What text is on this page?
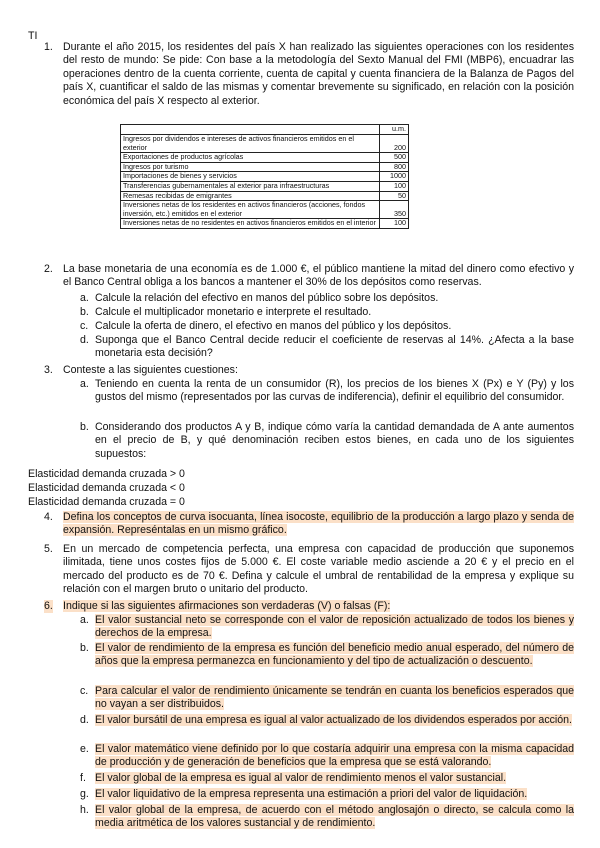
TI
1. Durante el año 2015, los residentes del país X han realizado las siguientes operaciones con los residentes del resto de mundo: Se pide: Con base a la metodología del Sexto Manual del FMI (MBP6), encuadrar las operaciones dentro de la cuenta corriente, cuenta de capital y cuenta financiera de la Balanza de Pagos del país X, cuantificar el saldo de las mismas y comentar brevemente su significado, en relación con la posición económica del país X respecto al exterior.
	u.m.
Ingresos por dividendos e intereses de activos financieros emitidos en el exterior	200
Exportaciones de productos agrícolas	500
Ingresos por turismo	800
Importaciones de bienes y servicios	1000
Transferencias gubernamentales al exterior para infraestructuras	100
Remesas recibidas de emigrantes	50
Inversiones netas de los residentes en activos financieros (acciones, fondos inversión, etc.) emitidos en el exterior	350
Inversiones netas de no residentes en activos financieros emitidos en el interior	100
2. La base monetaria de una economía es de 1.000 €, el público mantiene la mitad del dinero como efectivo y el Banco Central obliga a los bancos a mantener el 30% de los depósitos como reservas.
a. Calcule la relación del efectivo en manos del público sobre los depósitos.
b. Calcule el multiplicador monetario e interprete el resultado.
c. Calcule la oferta de dinero, el efectivo en manos del público y los depósitos.
d. Suponga que el Banco Central decide reducir el coeficiente de reservas al 14%. ¿Afecta a la base monetaria esta decisión?
3. Conteste a las siguientes cuestiones:
a. Teniendo en cuenta la renta de un consumidor (R), los precios de los bienes X (Px) e Y (Py) y los gustos del mismo (representados por las curvas de indiferencia), definir el equilibrio del consumidor.
b. Considerando dos productos A y B, indique cómo varía la cantidad demandada de A ante aumentos en el precio de B, y qué denominación reciben estos bienes, en cada uno de los siguientes supuestos:
Elasticidad demanda cruzada > 0
Elasticidad demanda cruzada < 0
Elasticidad demanda cruzada = 0
4. Defina los conceptos de curva isocuanta, línea isocoste, equilibrio de la producción a largo plazo y senda de expansión. Represéntalas en un mismo gráfico.
5. En un mercado de competencia perfecta, una empresa con capacidad de producción que suponemos ilimitada, tiene unos costes fijos de 5.000 €. El coste variable medio asciende a 20 € y el precio en el mercado del producto es de 70 €. Defina y calcule el umbral de rentabilidad de la empresa y explique su relación con el margen bruto o unitario del producto.
6. Indique si las siguientes afirmaciones son verdaderas (V) o falsas (F):
a. El valor sustancial neto se corresponde con el valor de reposición actualizado de todos los bienes y derechos de la empresa.
b. El valor de rendimiento de la empresa es función del beneficio medio anual esperado, del número de años que la empresa permanezca en funcionamiento y del tipo de actualización o descuento.
c. Para calcular el valor de rendimiento únicamente se tendrán en cuanta los beneficios esperados que no vayan a ser distribuidos.
d. El valor bursátil de una empresa es igual al valor actualizado de los dividendos esperados por acción.
e. El valor matemático viene definido por lo que costaría adquirir una empresa con la misma capacidad de producción y de generación de beneficios que la empresa que se está valorando.
f. El valor global de la empresa es igual al valor de rendimiento menos el valor sustancial.
g. El valor liquidativo de la empresa representa una estimación a priori del valor de liquidación.
h. El valor global de la empresa, de acuerdo con el método anglosajón o directo, se calcula como la media aritmética de los valores sustancial y de rendimiento.
